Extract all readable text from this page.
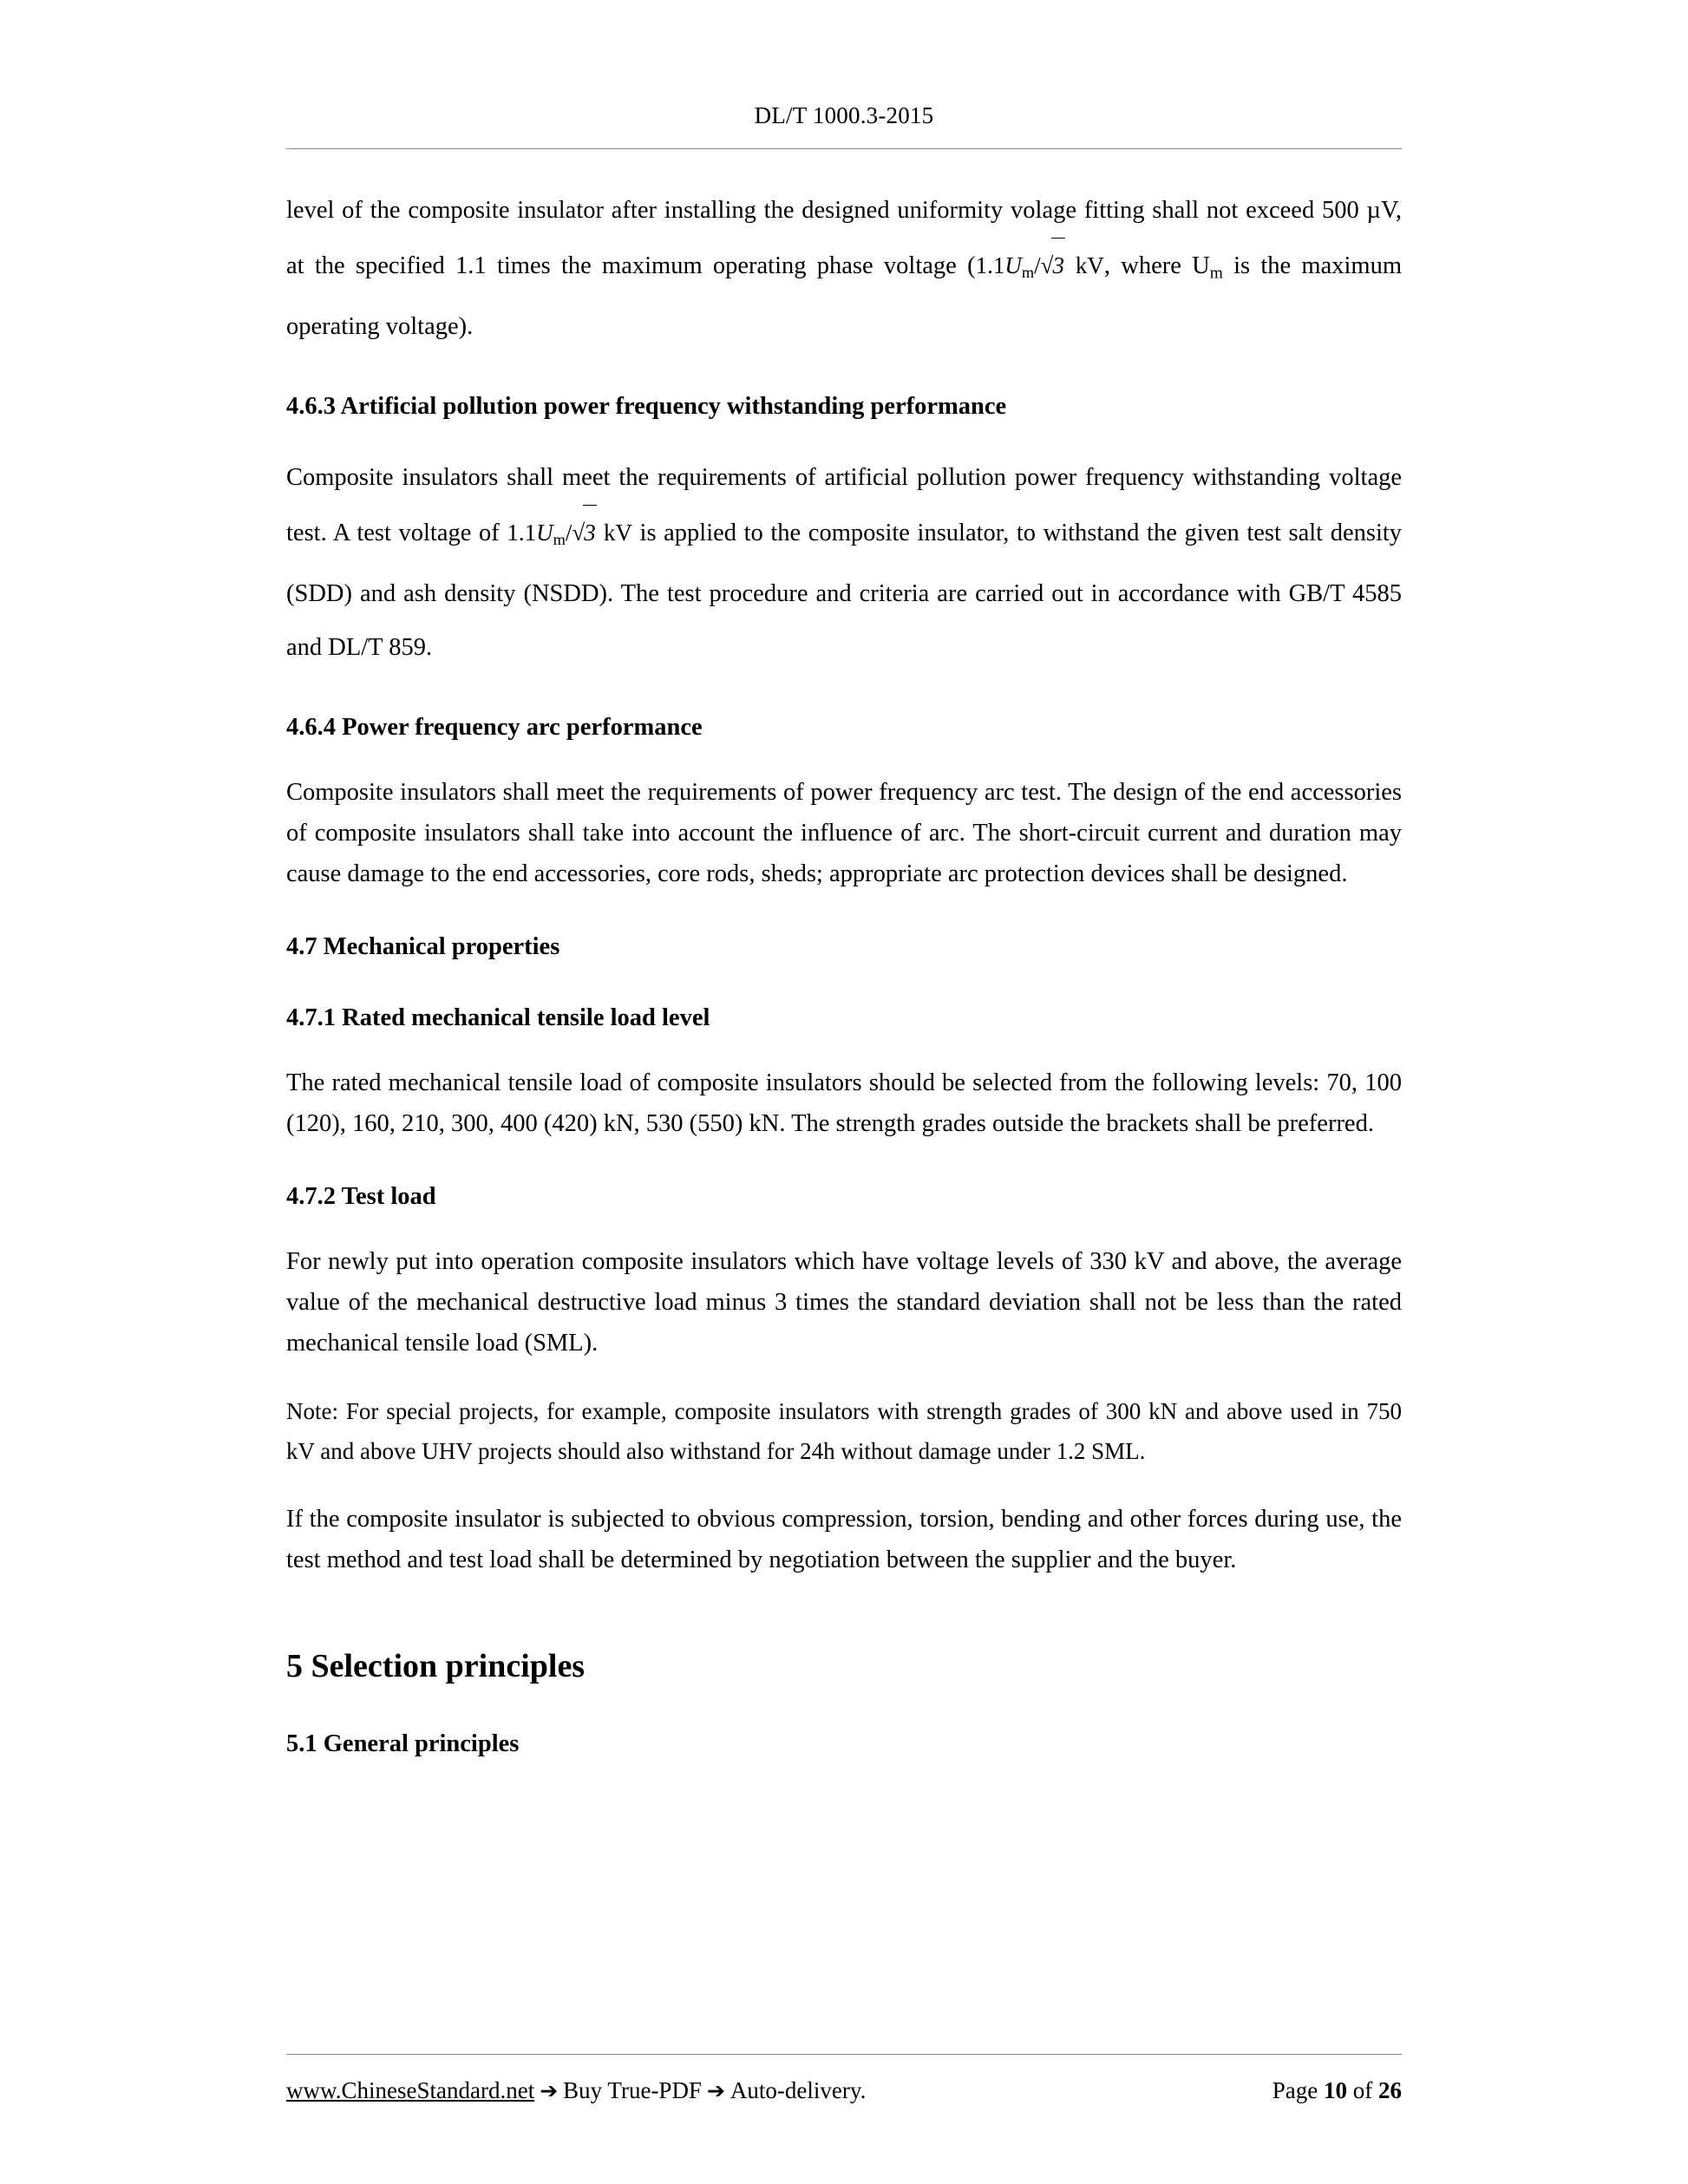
DL/T 1000.3-2015

level of the composite insulator after installing the designed uniformity volage fitting shall not exceed 500 µV, at the specified 1.1 times the maximum operating phase voltage ($1.1U_m/√3$ kV, where $U_m$ is the maximum operating voltage).

4.6.3 Artificial pollution power frequency withstanding performance

Composite insulators shall meet the requirements of artificial pollution power frequency withstanding voltage test. A test voltage of $1.1U_m/√3$ kV is applied to the composite insulator, to withstand the given test salt density (SDD) and ash density (NSDD). The test procedure and criteria are carried out in accordance with GB/T 4585 and DL/T 859.

4.6.4 Power frequency arc performance

Composite insulators shall meet the requirements of power frequency arc test. The design of the end accessories of composite insulators shall take into account the influence of arc. The short-circuit current and duration may cause damage to the end accessories, core rods, sheds; appropriate arc protection devices shall be designed.

4.7 Mechanical properties
4.7.1 Rated mechanical tensile load level

The rated mechanical tensile load of composite insulators should be selected from the following levels: 70, 100 (120), 160, 210, 300, 400 (420) kN, 530 (550) kN. The strength grades outside the brackets shall be preferred.

4.7.2 Test load

For newly put into operation composite insulators which have voltage levels of 330 kV and above, the average value of the mechanical destructive load minus 3 times the standard deviation shall not be less than the rated mechanical tensile load (SML).

Note: For special projects, for example, composite insulators with strength grades of 300 kN and above used in 750 kV and above UHV projects should also withstand for 24h without damage under 1.2 SML.

If the composite insulator is subjected to obvious compression, torsion, bending and other forces during use, the test method and test load shall be determined by negotiation between the supplier and the buyer.

5 Selection principles
5.1 General principles
www.ChineseStandard.net ➔ Buy True-PDF ➔ Auto-delivery.	Page 10 of 26
